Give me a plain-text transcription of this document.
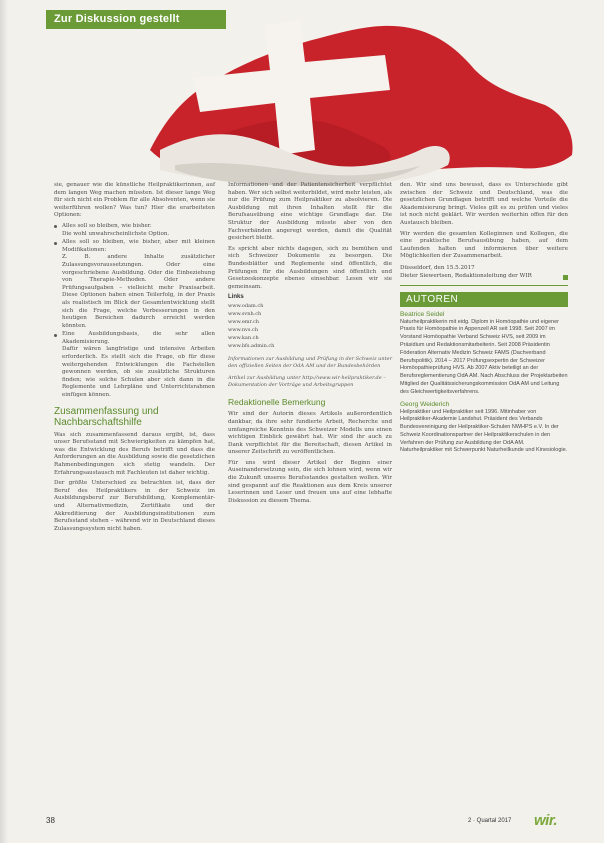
Zur Diskussion gestellt

sie, genauer wie die künstliche Heilpraktikerinnen, auf dem langen Weg machen müssten. Ist dieser lange Weg für sich nicht ein Problem für alle Absolventen, wenn sie weiterführen wollen? Was tun? Hier die erarbeiteten Optionen:

Alles soll so bleiben, wie bisher.
Die wohl unwahrscheinlichste Option.
Alles soll so bleiben, wie bisher, aber mit kleinen Modifikationen:
Z. B. andere Inhalte zusätzlicher Zulassungsvoraussetzungen. Oder eine vorgeschriebene Ausbildung. Oder die Einbeziehung von Therapie-Methoden. Oder andere Prüfungsaufgaben – vielleicht mehr Praxisarbeit. Diese Optionen haben einen Teilerfolg, in der Praxis als realistisch im Blick der Gesamtentwicklung stellt sich die Frage, welche Verbesserungen in den heutigen Bereichen dadurch erreicht werden könnten.
Eine Ausbildungsbasis, die sehr allen Akademisierung.
Dafür wären langfristige und intensive Arbeiten erforderlich. Es stellt sich die Frage, ob für diese weitergehenden Entwicklungen die Fachstellen gewonnen werden, ob sie zusätzliche Strukturen finden; wie solche Schulen aber sich dann in die Reglemente und Lehrpläne und Unterrichtsrahmen einfügen können.
Zusammenfassung und Nachbarschaftshilfe

Was sich zusammenfassend daraus ergibt, ist, dass unser Berufsstand mit Schwierigkeiten zu kämpfen hat, was die Entwicklung des Berufs betrifft und dass die Anforderungen an die Ausbildung sowie die gesetzlichen Rahmenbedingungen sich stetig wandeln. Der Erfahrungsaustausch mit Fachleuten ist daher wichtig.

Der größte Unterschied zu betrachten ist, dass der Beruf des Heilpraktikers in der Schweiz im Ausbildungsberuf zur Berufsbildung, Komplementär- und Alternativmedizin, Zertifikate und der Akkreditierung der Ausbildungsinstitutionen zum Berufsstand stehen – während wir in Deutschland dieses Zulassungssystem nicht haben.

Informationen und der Patientensicherheit verpflichtet haben. Wer sich selbst weiterbildet, wird mehr leisten, als nur die Prüfung zum Heilpraktiker zu absolvieren. Die Ausbildung mit ihren Inhalten stellt für die Berufsausübung eine wichtige Grundlage dar. Die Struktur der Ausbildung müsste aber von den Fachverbänden angeregt werden, damit die Qualität gesichert bleibt.

Es spricht aber nichts dagegen, sich zu bemühen und sich Schweizer Dokumente zu besorgen. Die Bundesblätter und Reglemente sind öffentlich, die Prüfungen für die Ausbildungen sind öffentlich und Gesetzeskonzepte ebenso einsehbar. Lesen wir sie gemeinsam.

Links
www.odam.ch
www.svnh.ch
www.emr.ch
www.nvs.ch
www.kan.ch
www.bfs.admin.ch
Informationen zur Ausbildung und Prüfung in der Schweiz unter den offiziellen Seiten der OdA AM und der Bundesbehörden
Artikel zur Ausbildung unter http://www.wir-heilpraktiker.de – Dokumentation der Vorträge und Arbeitsgruppen
Redaktionelle Bemerkung

Wir sind der Autorin dieses Artikels außerordentlich dankbar, da ihre sehr fundierte Arbeit, Recherche und umfangreiche Kenntnis des Schweizer Modells uns einen wichtigen Einblick gewährt hat. Wir sind ihr auch zu Dank verpflichtet für die Bereitschaft, diesen Artikel in unserer Zeitschrift zu veröffentlichen.

Für uns wird dieser Artikel der Beginn einer Auseinandersetzung sein, die sich lohnen wird, wenn wir die Zukunft unseres Berufsstandes gestalten wollen. Wir sind gespannt auf die Reaktionen aus dem Kreis unserer Leserinnen und Leser und freuen uns auf eine lebhafte Diskussion zu diesem Thema.

den. Wir sind uns bewusst, dass es Unterschiede gibt zwischen der Schweiz und Deutschland, was die gesetzlichen Grundlagen betrifft und welche Vorteile die Akademisierung bringt. Vieles gilt es zu prüfen und vieles ist noch nicht geklärt. Wir werden weiterhin offen für den Austausch bleiben.

Wir werden die gesamten Kolleginnen und Kollegen, die eine praktische Berufsausübung haben, auf dem Laufenden halten und informieren über weitere Möglichkeiten der Zusammenarbeit.

Düsseldorf, den 15.5.2017
Dieter Siewertsen, Redaktionsleitung der WIR
AUTOREN
Beatrice Seidel

Naturheilpraktikerin mit eidg. Diplom in Homöopathie und eigener Praxis für Homöopathie in Appenzell AR seit 1998. Seit 2007 im Vorstand Homöopathie Verband Schweiz HVS, seit 2009 im Präsidium und Redaktionsmitarbeiterin. Seit 2008 Präsidentin Föderation Alternativ Medizin Schweiz FAMS (Dachverband Berufspolitik). 2014 – 2017 Prüfungsexpertin der Schweizer Homöopathieprüfung HVS. Ab 2007 Aktiv beteiligt an der Berufsreglementierung OdA AM. Nach Abschluss der Projektarbeiten Mitglied der Qualitätssicherungskommission OdA AM und Leitung des Gleichwertigkeitsverfahrens.

Georg Weiderich

Heilpraktiker und Heilpraktiker seit 1996. Mitinhaber von Heilpraktiker-Akademie Landshut. Präsident des Verbands Bundesvereinigung der Heilpraktiker-Schulen NWHPS e.V. In der Schweiz Koordinationspartner der Heilpraktikerschulen in den Verfahren der Prüfung zur Ausbildung der OdA AM. Naturheilpraktiker mit Schwerpunkt Naturheilkunde und Kinesiologie.

38	2 · Quartal 2017 wir.
